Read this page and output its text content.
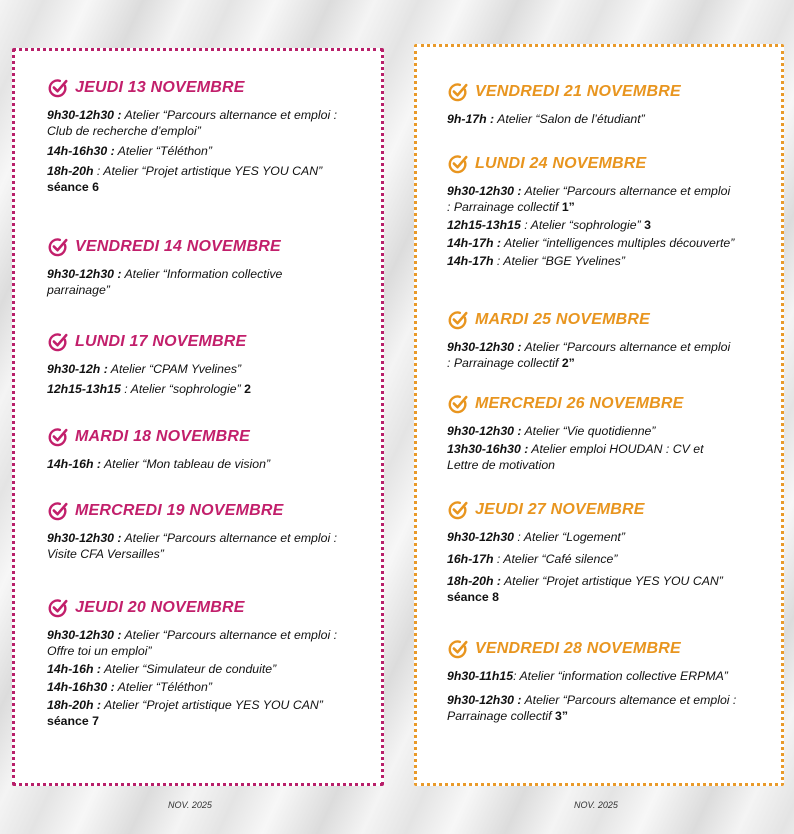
JEUDI 13 NOVEMBRE

9h30-12h30 : Atelier “Parcours alternance et emploi : Club de recherche d’emploi”

14h-16h30 : Atelier “Téléthon”

18h-20h : Atelier “Projet artistique YES YOU CAN” séance 6

VENDREDI 14 NOVEMBRE

9h30-12h30 : Atelier “Information collective parrainage”

LUNDI 17 NOVEMBRE

9h30-12h : Atelier “CPAM Yvelines”

12h15-13h15 : Atelier “sophrologie” 2

MARDI 18 NOVEMBRE

14h-16h : Atelier “Mon tableau de vision”

MERCREDI 19 NOVEMBRE

9h30-12h30 : Atelier “Parcours alternance et emploi : Visite CFA Versailles”

JEUDI 20 NOVEMBRE

9h30-12h30 : Atelier “Parcours alternance et emploi : Offre toi un emploi”

14h-16h : Atelier “Simulateur de conduite”

14h-16h30 : Atelier “Téléthon”

18h-20h : Atelier “Projet artistique YES YOU CAN” séance 7

VENDREDI 21 NOVEMBRE

9h-17h : Atelier “Salon de l’étudiant”

LUNDI 24 NOVEMBRE

9h30-12h30 : Atelier “Parcours alternance et emploi : Parrainage collectif 1”

12h15-13h15 : Atelier “sophrologie” 3

14h-17h : Atelier “intelligences multiples découverte”

14h-17h : Atelier “BGE Yvelines”

MARDI 25 NOVEMBRE

9h30-12h30 : Atelier “Parcours alternance et emploi : Parrainage collectif 2”

MERCREDI 26 NOVEMBRE

9h30-12h30 : Atelier “Vie quotidienne”

13h30-16h30 : Atelier emploi HOUDAN : CV et Lettre de motivation

JEUDI 27 NOVEMBRE

9h30-12h30 : Atelier “Logement”

16h-17h : Atelier “Café silence”

18h-20h : Atelier “Projet artistique YES YOU CAN” séance 8

VENDREDI 28 NOVEMBRE

9h30-11h15: Atelier “information collective ERPMA”

9h30-12h30 : Atelier “Parcours altemance et emploi : Parrainage collectif 3”

NOV. 2025	NOV. 2025
